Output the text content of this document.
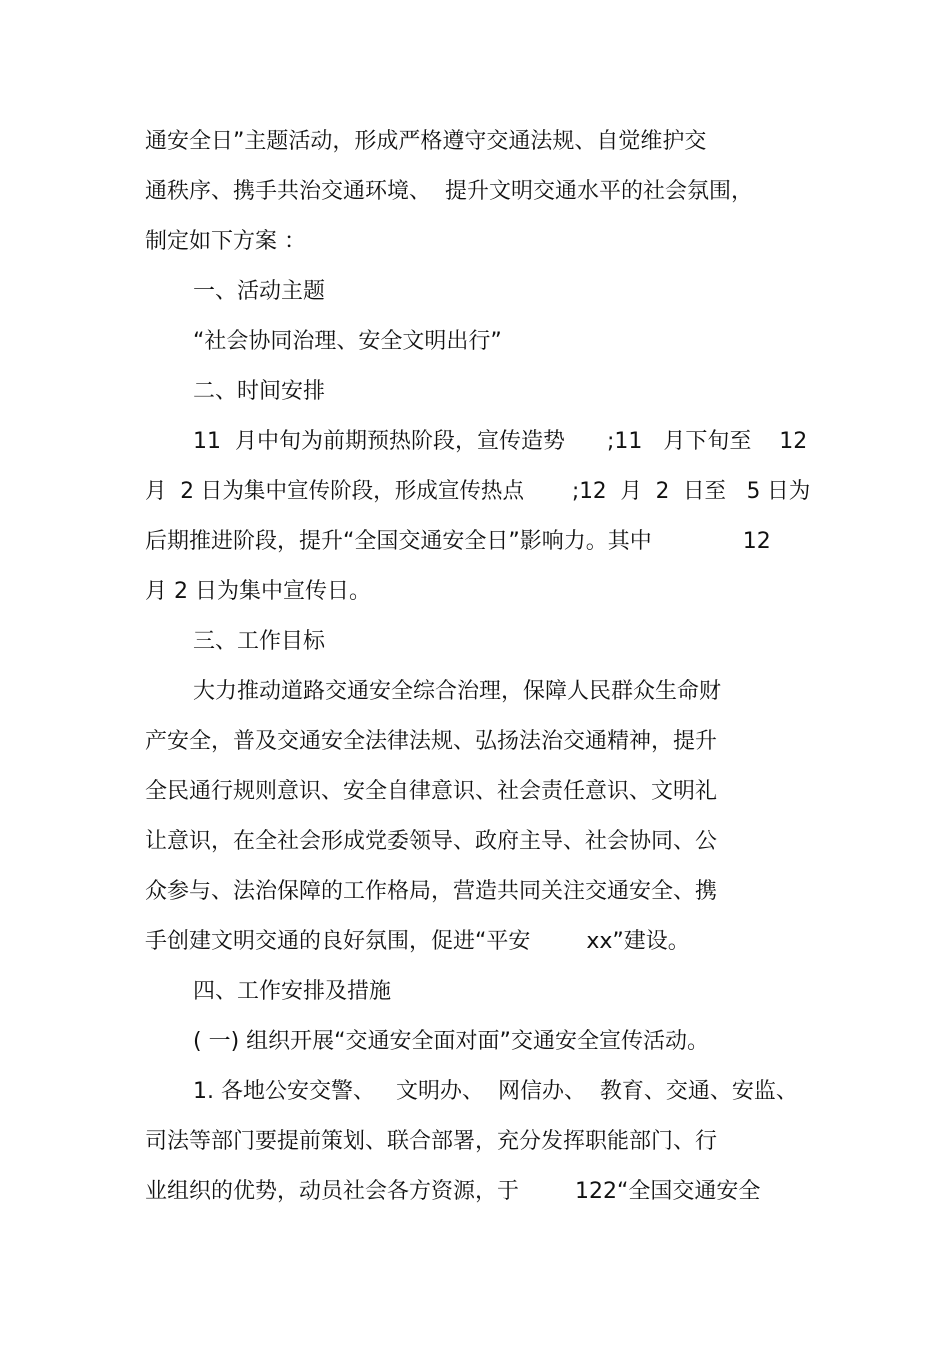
通安全日”主题活动，形成严格遵守交通法规、自觉维护交
通秩序、携手共治交通环境、  提升文明交通水平的社会氛围，
制定如下方案 ：
一、活动主题
“社会协同治理、安全文明出行”
二、时间安排
11  月中旬为前期预热阶段，宣传造势      ;11   月下旬至    12
月  2 日为集中宣传阶段，形成宣传热点       ;12  月  2  日至   5 日为
后期推进阶段，提升“全国交通安全日”影响力。其中             12
月 2 日为集中宣传日。
三、工作目标
大力推动道路交通安全综合治理，保障人民群众生命财
产安全，普及交通安全法律法规、弘扬法治交通精神，提升
全民通行规则意识、安全自律意识、社会责任意识、文明礼
让意识，在全社会形成党委领导、政府主导、社会协同、公
众参与、法治保障的工作格局，营造共同关注交通安全、携
手创建文明交通的良好氛围，促进“平安        xx”建设。
四、工作安排及措施
( 一) 组织开展“交通安全面对面”交通安全宣传活动。
1. 各地公安交警、   文明办、  网信办、  教育、交通、安监、
司法等部门要提前策划、联合部署，充分发挥职能部门、行
业组织的优势，动员社会各方资源，于        122“全国交通安全
